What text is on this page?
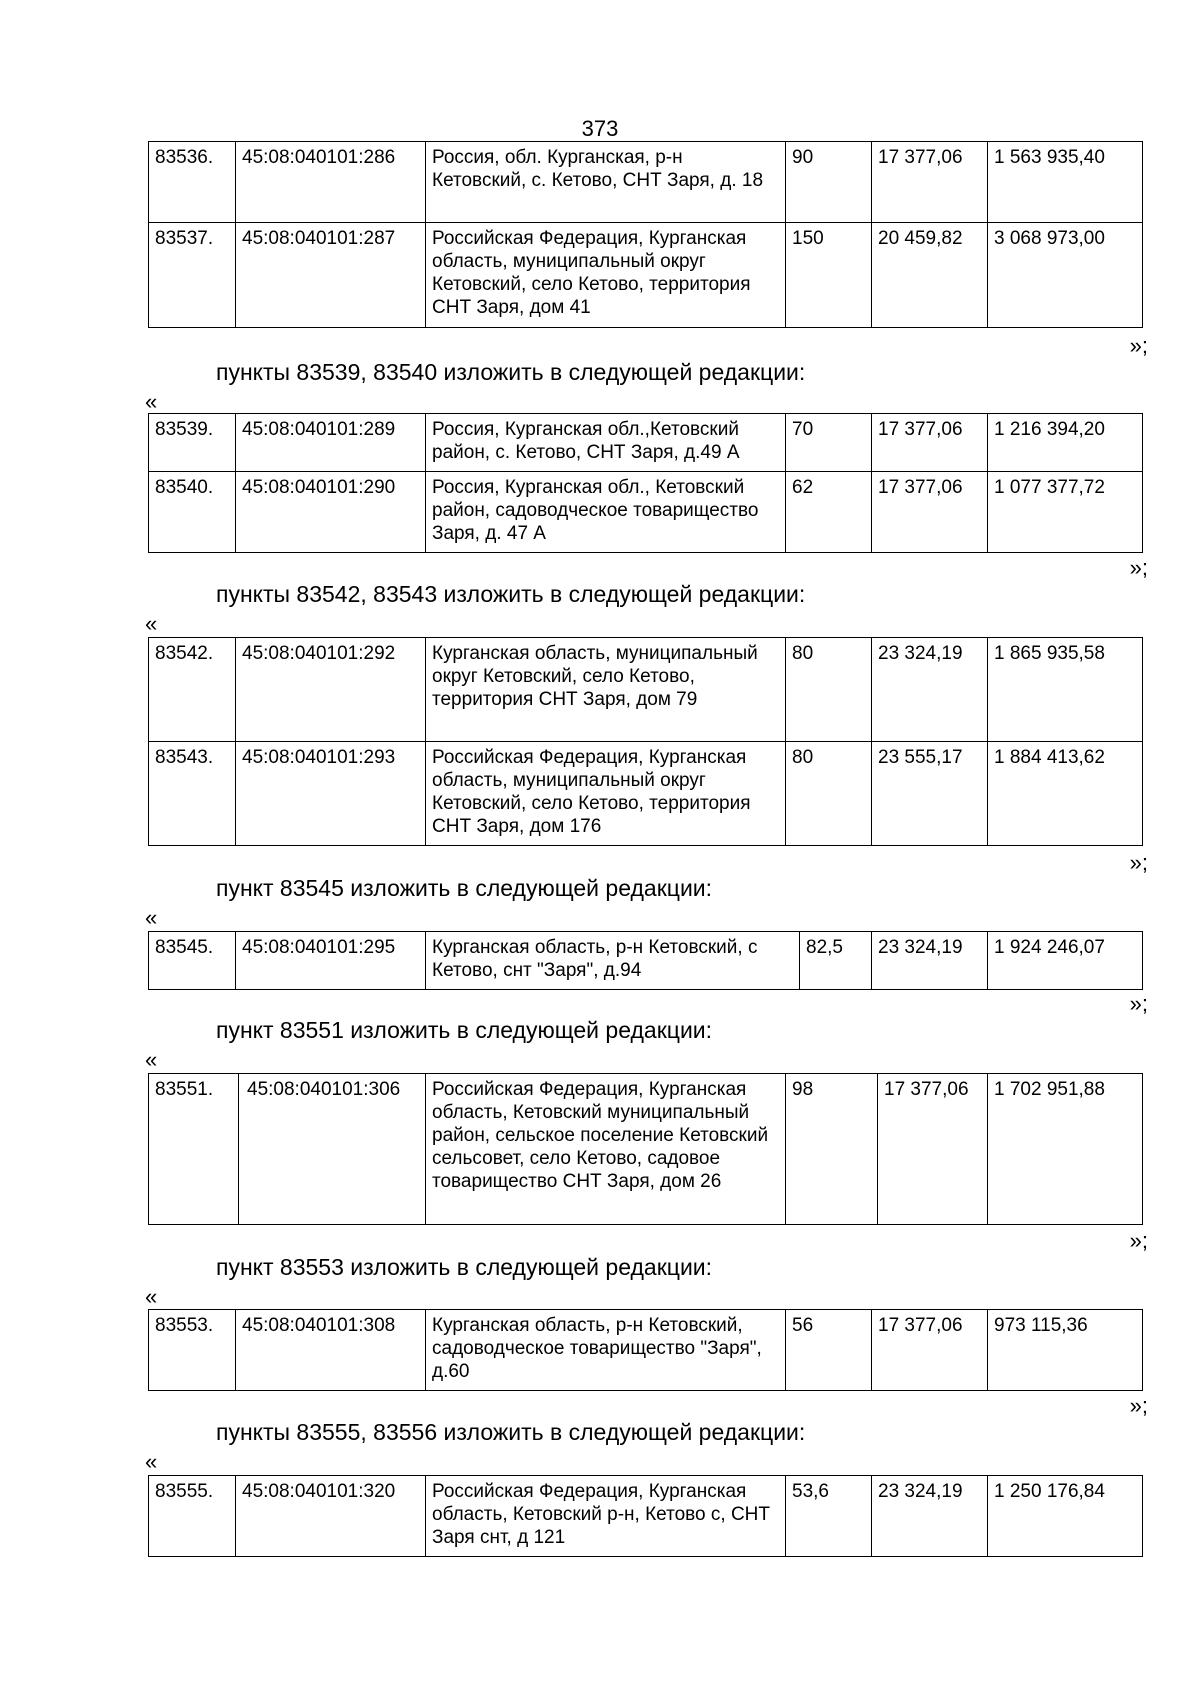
373
83536.	45:08:040101:286	Россия, обл. Курганская, р-н Кетовский, с. Кетово, СНТ Заря, д. 18	90	17 377,06	1 563 935,40
83537.	45:08:040101:287	Российская Федерация, Курганская область, муниципальный округ Кетовский, село Кетово, территория СНТ Заря, дом 41	150	20 459,82	3 068 973,00
»;
пункты 83539, 83540 изложить в следующей редакции:
«
83539.	45:08:040101:289	Россия, Курганская обл.,Кетовский район, с. Кетово, СНТ Заря, д.49 А	70	17 377,06	1 216 394,20
83540.	45:08:040101:290	Россия, Курганская обл., Кетовский район, садоводческое товарищество Заря, д. 47 А	62	17 377,06	1 077 377,72
»;
пункты 83542, 83543 изложить в следующей редакции:
«
83542.	45:08:040101:292	Курганская область, муниципальный округ Кетовский, село Кетово, территория СНТ Заря, дом 79	80	23 324,19	1 865 935,58
83543.	45:08:040101:293	Российская Федерация, Курганская область, муниципальный округ Кетовский, село Кетово, территория СНТ Заря, дом 176	80	23 555,17	1 884 413,62
»;
пункт 83545 изложить в следующей редакции:
«
83545.	45:08:040101:295	Курганская область, р-н Кетовский, с Кетово, снт "Заря", д.94	82,5	23 324,19	1 924 246,07
»;
пункт 83551 изложить в следующей редакции:
«
83551.	45:08:040101:306	Российская Федерация, Курганская область, Кетовский муниципальный район, сельское поселение Кетовский сельсовет, село Кетово, садовое товарищество СНТ Заря, дом 26	98	17 377,06	1 702 951,88
»;
пункт 83553 изложить в следующей редакции:
«
83553.	45:08:040101:308	Курганская область, р-н Кетовский, садоводческое товарищество "Заря", д.60	56	17 377,06	973 115,36
»;
пункты 83555, 83556 изложить в следующей редакции:
«
83555.	45:08:040101:320	Российская Федерация, Курганская область, Кетовский р-н, Кетово с, СНТ Заря снт, д 121	53,6	23 324,19	1 250 176,84
